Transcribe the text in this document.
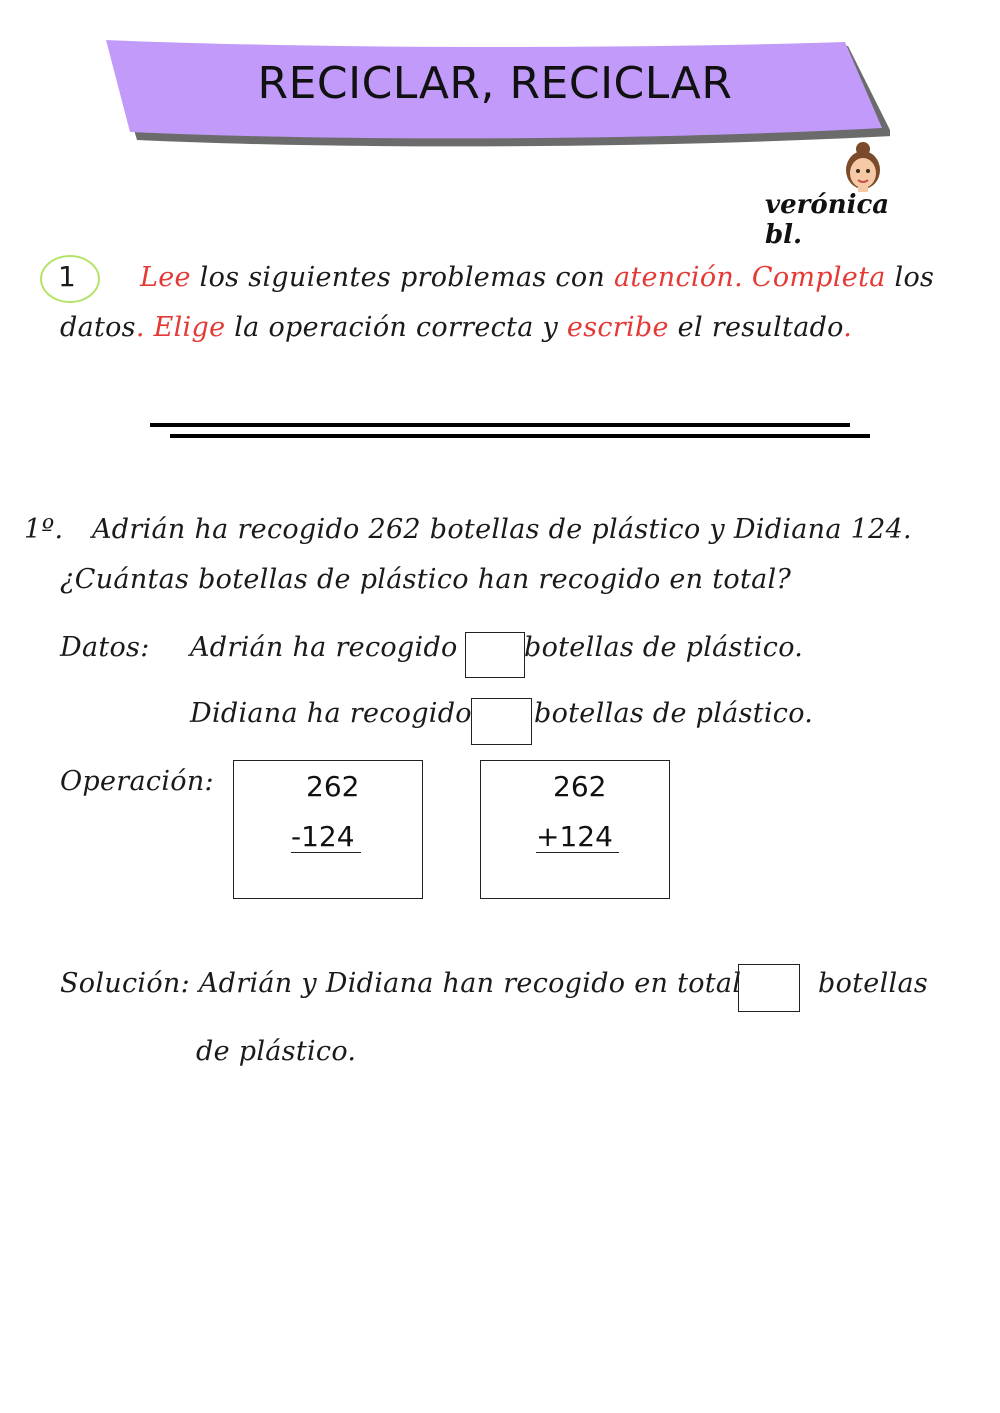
RECICLAR, RECICLAR
verónica bl.
1 Lee los siguientes problemas con atención. Completa los
datos. Elige la operación correcta y escribe el resultado.
1º. Adrián ha recogido 262 botellas de plástico y Didiana 124.
¿Cuántas botellas de plástico han recogido en total?
Datos: Adrián ha recogido botellas de plástico.
Didiana ha recogido botellas de plástico.
Operación:	262
-124
262
+124
Solución: Adrián y Didiana han recogido en total	botellas
de plástico.
